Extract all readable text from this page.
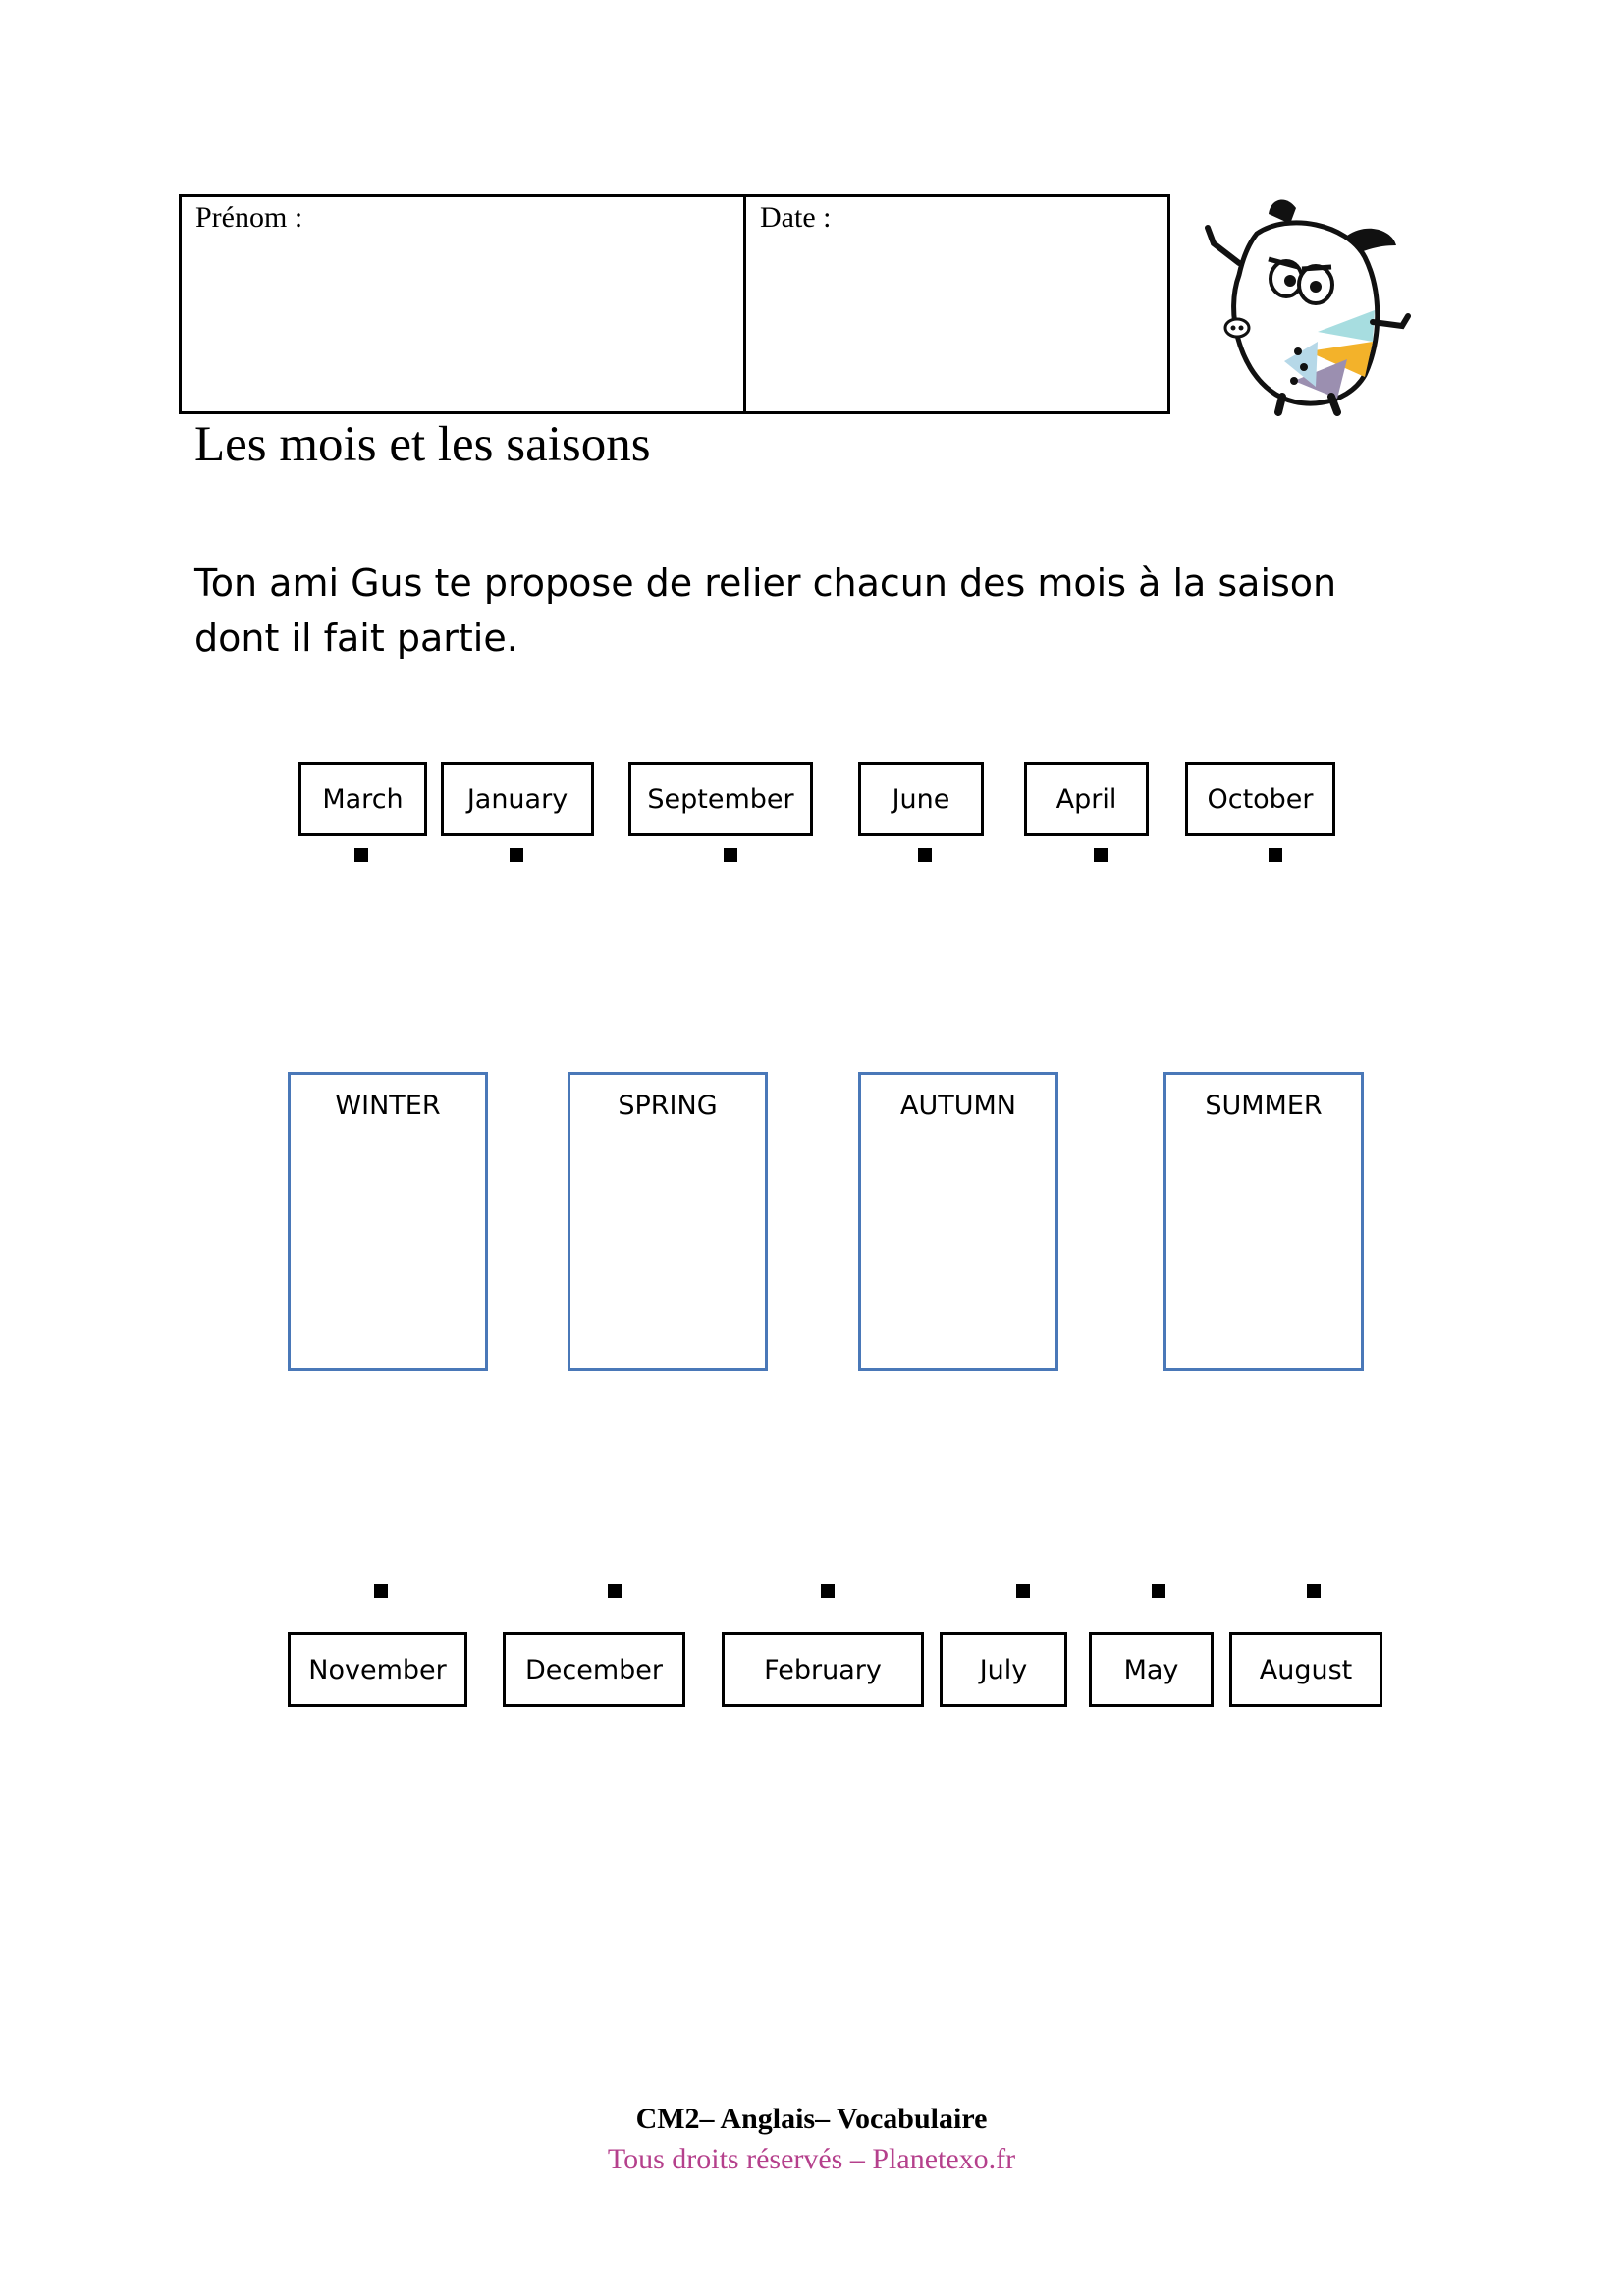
Prénom :	Date :
Les mois et les saisons
Ton ami Gus te propose de relier chacun des mois à la saison dont il fait partie.
March	January	September	June	April	October
WINTER	SPRING	AUTUMN	SUMMER
November	December	February	July	May	August
CM2– Anglais– Vocabulaire
Tous droits réservés – Planetexo.fr
